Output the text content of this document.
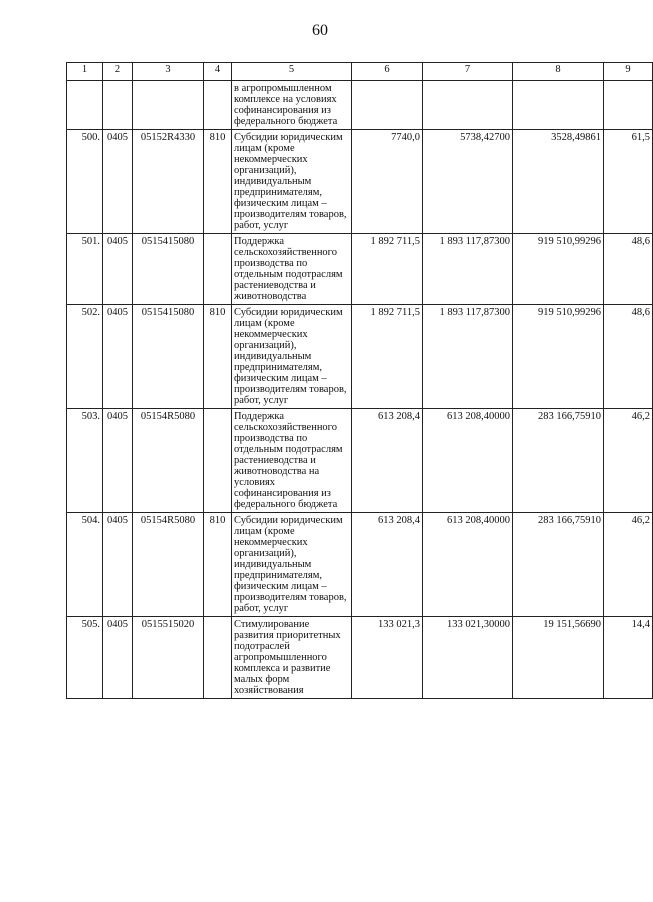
60
1	2	3	4	5	6	7	8	9
				в агропромышленном комплексе на условиях софинансирования из федерального бюджета				
500.	0405	05152R4330	810	Субсидии юридическим лицам (кроме некоммерческих организаций), индивидуальным предпринимателям, физическим лицам – производителям товаров, работ, услуг	7740,0	5738,42700	3528,49861	61,5
501.	0405	0515415080		Поддержка сельскохозяйственного производства по отдельным подотраслям растениеводства и животноводства	1 892 711,5	1 893 117,87300	919 510,99296	48,6
502.	0405	0515415080	810	Субсидии юридическим лицам (кроме некоммерческих организаций), индивидуальным предпринимателям, физическим лицам – производителям товаров, работ, услуг	1 892 711,5	1 893 117,87300	919 510,99296	48,6
503.	0405	05154R5080		Поддержка сельскохозяйственного производства по отдельным подотраслям растениеводства и животноводства на условиях софинансирования из федерального бюджета	613 208,4	613 208,40000	283 166,75910	46,2
504.	0405	05154R5080	810	Субсидии юридическим лицам (кроме некоммерческих организаций), индивидуальным предпринимателям, физическим лицам – производителям товаров, работ, услуг	613 208,4	613 208,40000	283 166,75910	46,2
505.	0405	0515515020		Стимулирование развития приоритетных подотраслей агропромышленного комплекса и развитие малых форм хозяйствования	133 021,3	133 021,30000	19 151,56690	14,4
